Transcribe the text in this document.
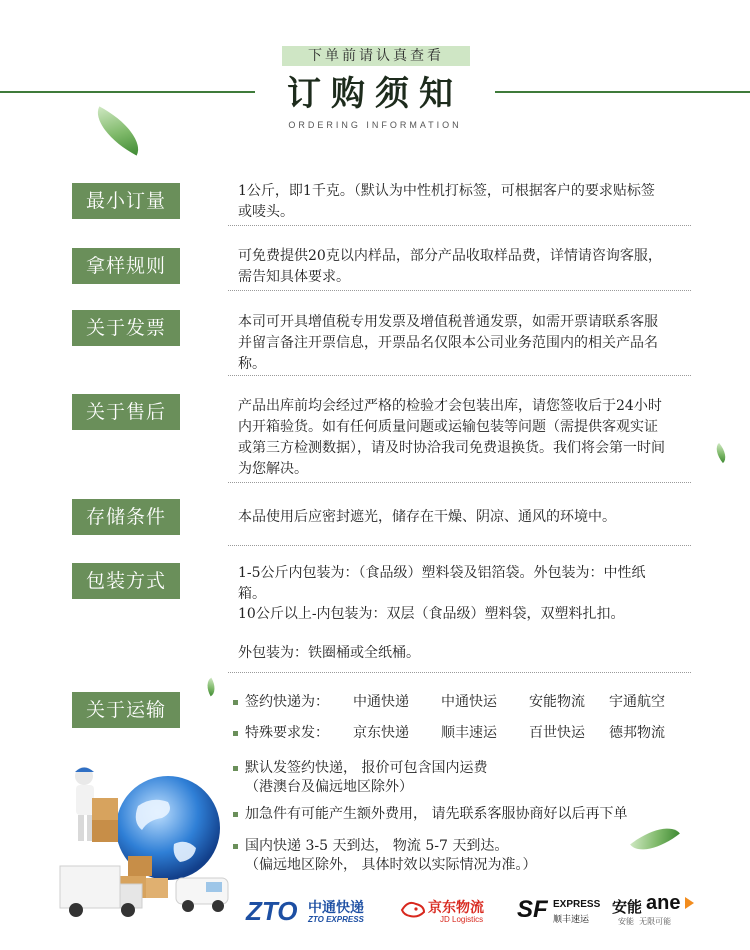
下单前请认真查看
订购须知
ORDERING INFORMATION
最小订量	1公斤，即1千克。（默认为中性机打标签，可根据客户的要求贴标签或唛头。
拿样规则	可免费提供20克以内样品，部分产品收取样品费，详情请咨询客服，需告知具体要求。
关于发票	本司可开具增值税专用发票及增值税普通发票，如需开票请联系客服并留言备注开票信息，开票品名仅限本公司业务范围内的相关产品名称。
关于售后	产品出库前均会经过严格的检验才会包装出库，请您签收后于24小时内开箱验货。如有任何质量问题或运输包装等问题（需提供客观实证或第三方检测数据），请及时协洽我司免费退换货。我们将会第一时间为您解决。
存储条件	本品使用后应密封遮光，储存在干燥、阴凉、通风的环境中。
包装方式	1-5公斤内包装为：（食品级）塑料袋及铝箔袋。外包装为：中性纸箱。
10公斤以上-内包装为：双层（食品级）塑料袋，双塑料扎扣。
外包装为：铁圈桶或全纸桶。
关于运输	签约快递为： 中通快递 中通快运 安能物流 宇通航空
特殊要求发： 京东快递 顺丰速运 百世快运 德邦物流
默认发签约快递， 报价可包含国内运费
（港澳台及偏远地区除外）
加急件有可能产生额外费用， 请先联系客服协商好以后再下单
国内快递 3-5 天到达， 物流 5-7 天到达。
（偏远地区除外， 具体时效以实际情况为准。）
ZTO 中通快递
ZTO EXPRESS
京东物流
JD Logistics SF EXPRESS
顺丰速运
安能 ane
安能  无限可能
